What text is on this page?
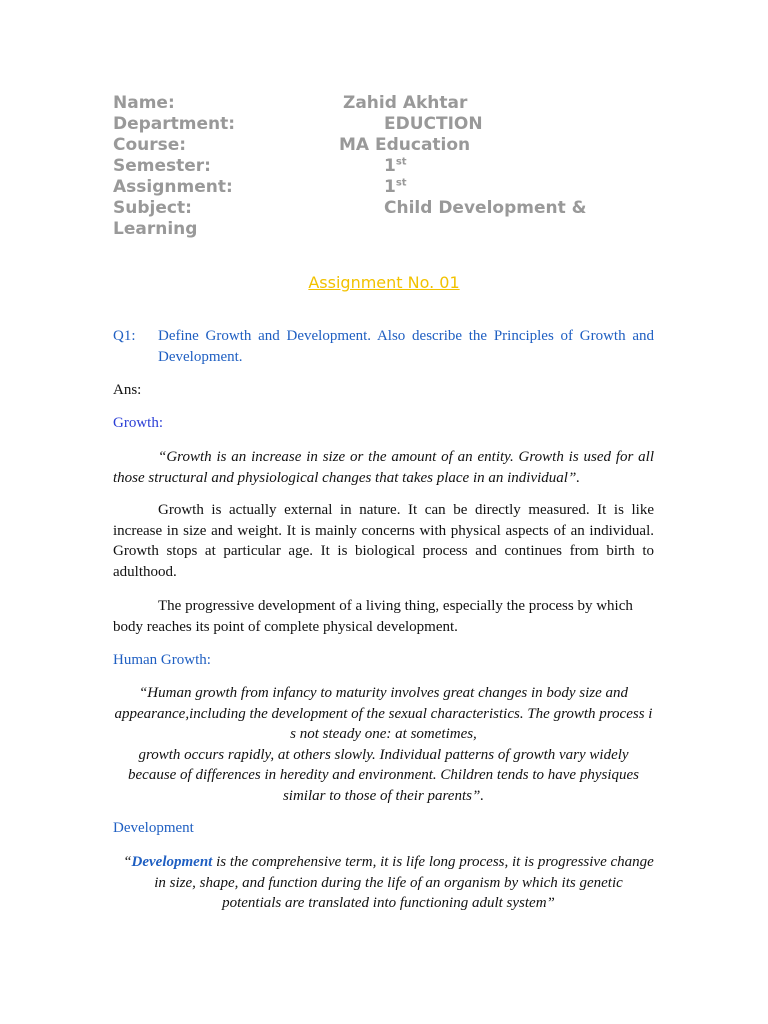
Name:	Zahid Akhtar
Department:	EDUCTION
Course:	MA Education
Semester:	1st
Assignment:	1st
Subject:	Child Development &
Learning
Assignment No. 01
Q1: Define Growth and Development. Also describe the Principles of Growth and Development.
Ans:
Growth:
“Growth is an increase in size or the amount of an entity. Growth is used for all those structural and physiological changes that takes place in an individual”.
Growth is actually external in nature. It can be directly measured. It is like increase in size and weight. It is mainly concerns with physical aspects of an individual. Growth stops at particular age. It is biological process and continues from birth to adulthood.
The progressive development of a living thing, especially the process by which body reaches its point of complete physical development.
Human Growth:
“Human growth from infancy to maturity involves great changes in body size and appearance,including the development of the sexual characteristics. The growth process i s not steady one: at sometimes,
growth occurs rapidly, at others slowly. Individual patterns of growth vary widely because of differences in heredity and environment. Children tends to have physiques similar to those of their parents”.
Development
“Development is the comprehensive term, it is life long process, it is progressive change in size, shape, and function during the life of an organism by which its genetic potentials are translated into functioning adult system”
